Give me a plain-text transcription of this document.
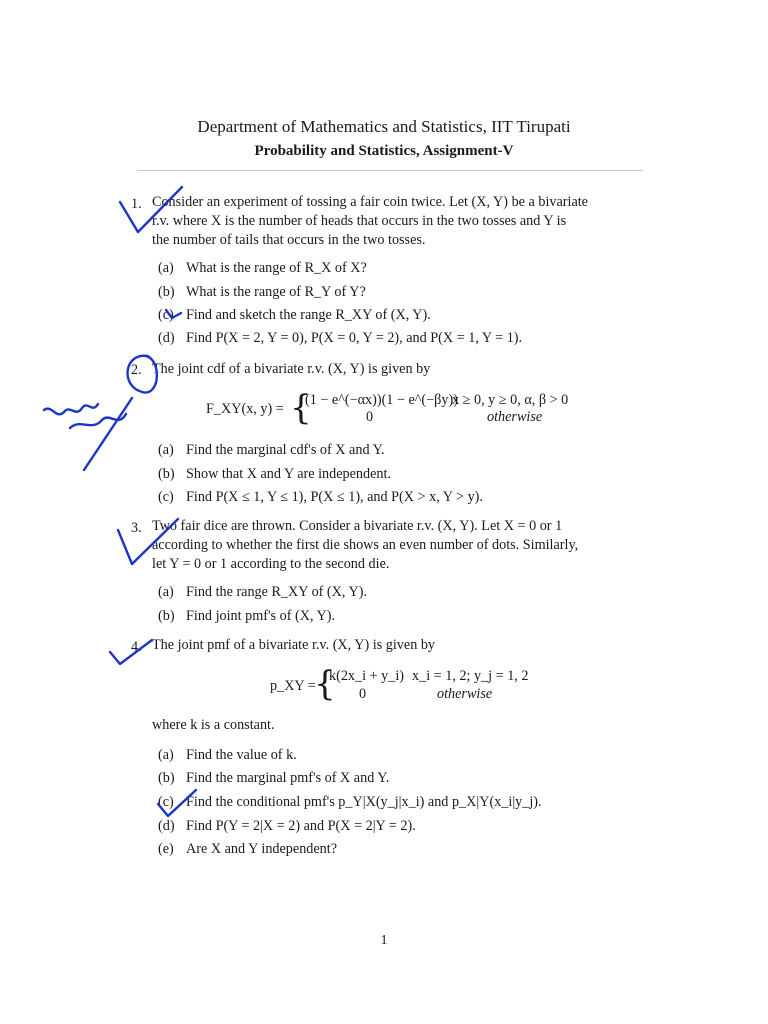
Department of Mathematics and Statistics, IIT Tirupati
Probability and Statistics, Assignment-V
1. Consider an experiment of tossing a fair coin twice. Let (X, Y) be a bivariate
r.v. where X is the number of heads that occurs in the two tosses and Y is
the number of tails that occurs in the two tosses.
(a) What is the range of R_X of X?
(b) What is the range of R_Y of Y?
(c) Find and sketch the range R_XY of (X, Y).
(d) Find P(X = 2, Y = 0), P(X = 0, Y = 2), and P(X = 1, Y = 1).
2. The joint cdf of a bivariate r.v. (X, Y) is given by
F_XY(x, y) = {
(1 − e^(−αx))(1 − e^(−βy))
x ≥ 0, y ≥ 0, α, β > 0
0	otherwise
(a) Find the marginal cdf's of X and Y.
(b) Show that X and Y are independent.
(c) Find P(X ≤ 1, Y ≤ 1), P(X ≤ 1), and P(X > x, Y > y).
3. Two fair dice are thrown. Consider a bivariate r.v. (X, Y). Let X = 0 or 1
according to whether the first die shows an even number of dots. Similarly,
let Y = 0 or 1 according to the second die.
(a) Find the range R_XY of (X, Y).
(b) Find joint pmf's of (X, Y).
4. The joint pmf of a bivariate r.v. (X, Y) is given by
p_XY =
{
k(2x_i + y_i) x_i = 1, 2; y_j = 1, 2
0	otherwise
where k is a constant.
(a) Find the value of k.
(b) Find the marginal pmf's of X and Y.
(c) Find the conditional pmf's p_Y|X(y_j|x_i) and p_X|Y(x_i|y_j).
(d) Find P(Y = 2|X = 2) and P(X = 2|Y = 2).
(e) Are X and Y independent?
1
